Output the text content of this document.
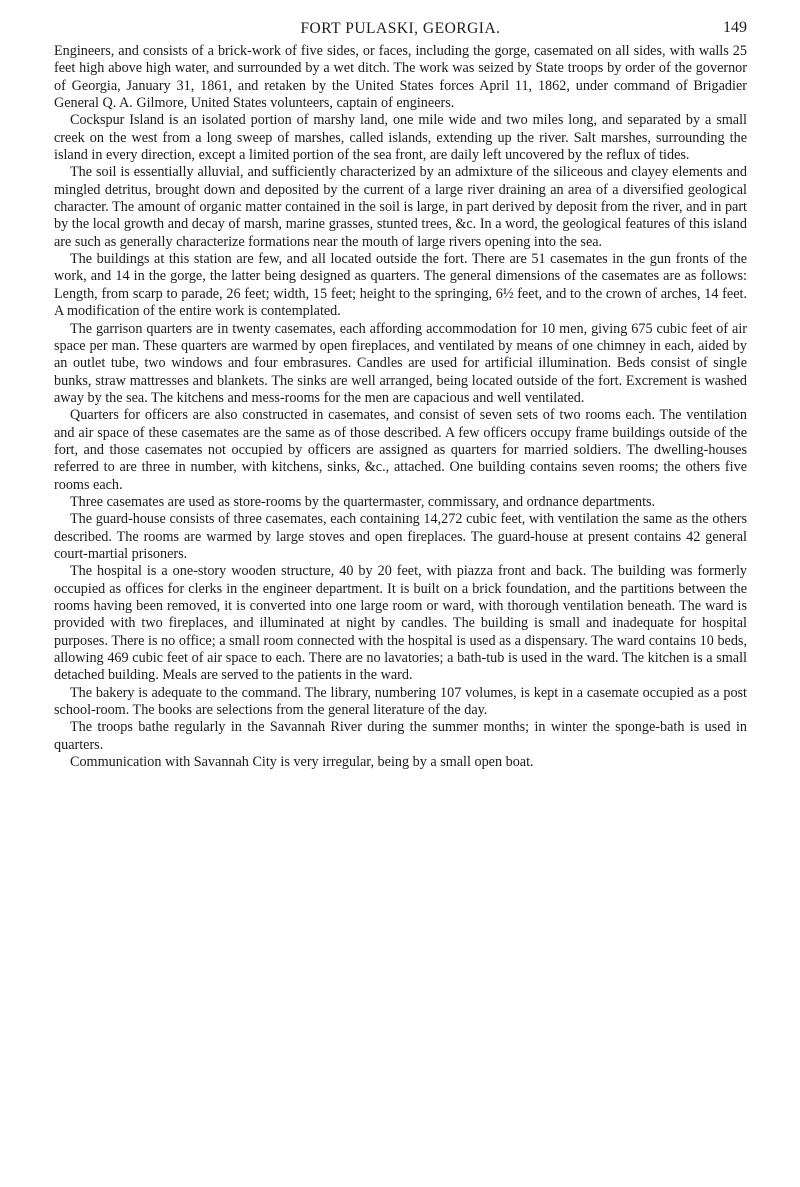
FORT PULASKI, GEORGIA.	149

Engineers, and consists of a brick-work of five sides, or faces, including the gorge, casemated on all sides, with walls 25 feet high above high water, and surrounded by a wet ditch. The work was seized by State troops by order of the governor of Georgia, January 31, 1861, and retaken by the United States forces April 11, 1862, under command of Brigadier General Q. A. Gilmore, United States volunteers, captain of engineers.

Cockspur Island is an isolated portion of marshy land, one mile wide and two miles long, and separated by a small creek on the west from a long sweep of marshes, called islands, extending up the river. Salt marshes, surrounding the island in every direction, except a limited portion of the sea front, are daily left uncovered by the reflux of tides.

The soil is essentially alluvial, and sufficiently characterized by an admixture of the siliceous and clayey elements and mingled detritus, brought down and deposited by the current of a large river draining an area of a diversified geological character. The amount of organic matter contained in the soil is large, in part derived by deposit from the river, and in part by the local growth and decay of marsh, marine grasses, stunted trees, &c. In a word, the geological features of this island are such as generally characterize formations near the mouth of large rivers opening into the sea.

The buildings at this station are few, and all located outside the fort. There are 51 casemates in the gun fronts of the work, and 14 in the gorge, the latter being designed as quarters. The general dimensions of the casemates are as follows: Length, from scarp to parade, 26 feet; width, 15 feet; height to the springing, 6½ feet, and to the crown of arches, 14 feet. A modification of the entire work is contemplated.

The garrison quarters are in twenty casemates, each affording accommodation for 10 men, giving 675 cubic feet of air space per man. These quarters are warmed by open fireplaces, and ventilated by means of one chimney in each, aided by an outlet tube, two windows and four embrasures. Candles are used for artificial illumination. Beds consist of single bunks, straw mattresses and blankets. The sinks are well arranged, being located outside of the fort. Excrement is washed away by the sea. The kitchens and mess-rooms for the men are capacious and well ventilated.

Quarters for officers are also constructed in casemates, and consist of seven sets of two rooms each. The ventilation and air space of these casemates are the same as of those described. A few officers occupy frame buildings outside of the fort, and those casemates not occupied by officers are assigned as quarters for married soldiers. The dwelling-houses referred to are three in number, with kitchens, sinks, &c., attached. One building contains seven rooms; the others five rooms each.

Three casemates are used as store-rooms by the quartermaster, commissary, and ordnance departments.

The guard-house consists of three casemates, each containing 14,272 cubic feet, with ventilation the same as the others described. The rooms are warmed by large stoves and open fireplaces. The guard-house at present contains 42 general court-martial prisoners.

The hospital is a one-story wooden structure, 40 by 20 feet, with piazza front and back. The building was formerly occupied as offices for clerks in the engineer department. It is built on a brick foundation, and the partitions between the rooms having been removed, it is converted into one large room or ward, with thorough ventilation beneath. The ward is provided with two fireplaces, and illuminated at night by candles. The building is small and inadequate for hospital purposes. There is no office; a small room connected with the hospital is used as a dispensary. The ward contains 10 beds, allowing 469 cubic feet of air space to each. There are no lavatories; a bath-tub is used in the ward. The kitchen is a small detached building. Meals are served to the patients in the ward.

The bakery is adequate to the command. The library, numbering 107 volumes, is kept in a casemate occupied as a post school-room. The books are selections from the general literature of the day.

The troops bathe regularly in the Savannah River during the summer months; in winter the sponge-bath is used in quarters.

Communication with Savannah City is very irregular, being by a small open boat.
